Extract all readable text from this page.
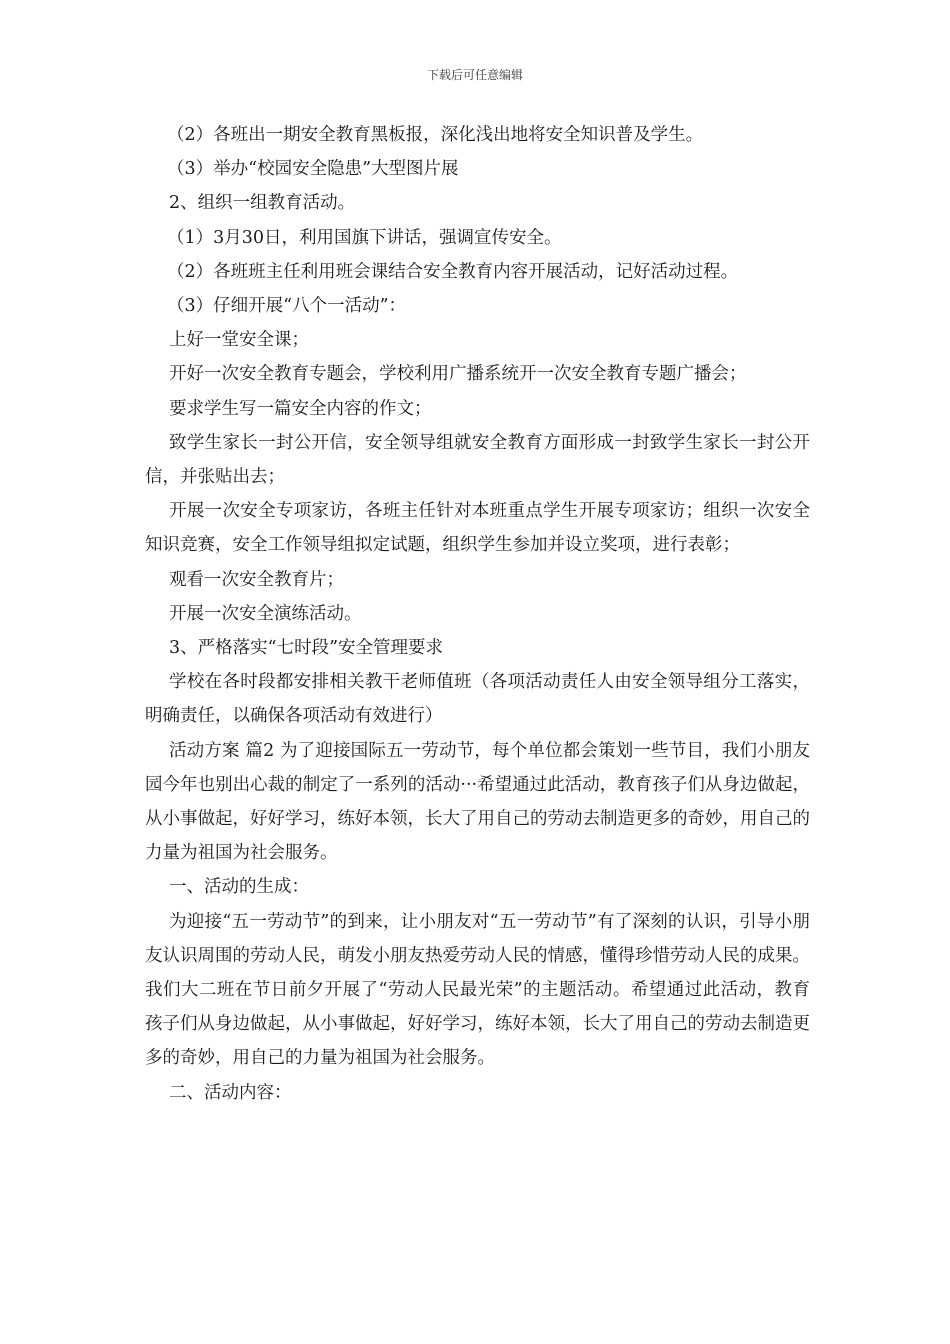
下载后可任意编辑

（2）各班出一期安全教育黑板报，深化浅出地将安全知识普及学生。

（3）举办“校园安全隐患”大型图片展

2、组织一组教育活动。

（1）3月30日，利用国旗下讲话，强调宣传安全。

（2）各班班主任利用班会课结合安全教育内容开展活动，记好活动过程。

（3）仔细开展“八个一活动”：

上好一堂安全课；

开好一次安全教育专题会，学校利用广播系统开一次安全教育专题广播会；

要求学生写一篇安全内容的作文；

致学生家长一封公开信，安全领导组就安全教育方面形成一封致学生家长一封公开信，并张贴出去；

开展一次安全专项家访，各班主任针对本班重点学生开展专项家访；组织一次安全知识竞赛，安全工作领导组拟定试题，组织学生参加并设立奖项，进行表彰；

观看一次安全教育片；

开展一次安全演练活动。

3、严格落实“七时段”安全管理要求

学校在各时段都安排相关教干老师值班（各项活动责任人由安全领导组分工落实，明确责任，以确保各项活动有效进行）

活动方案 篇2 为了迎接国际五一劳动节，每个单位都会策划一些节目，我们小朋友园今年也别出心裁的制定了一系列的活动···希望通过此活动，教育孩子们从身边做起，从小事做起，好好学习，练好本领，长大了用自己的劳动去制造更多的奇妙，用自己的力量为祖国为社会服务。

一、活动的生成：

为迎接“五一劳动节”的到来，让小朋友对“五一劳动节”有了深刻的认识，引导小朋友认识周围的劳动人民，萌发小朋友热爱劳动人民的情感，懂得珍惜劳动人民的成果。我们大二班在节日前夕开展了“劳动人民最光荣”的主题活动。希望通过此活动，教育孩子们从身边做起，从小事做起，好好学习，练好本领，长大了用自己的劳动去制造更多的奇妙，用自己的力量为祖国为社会服务。

二、活动内容：
